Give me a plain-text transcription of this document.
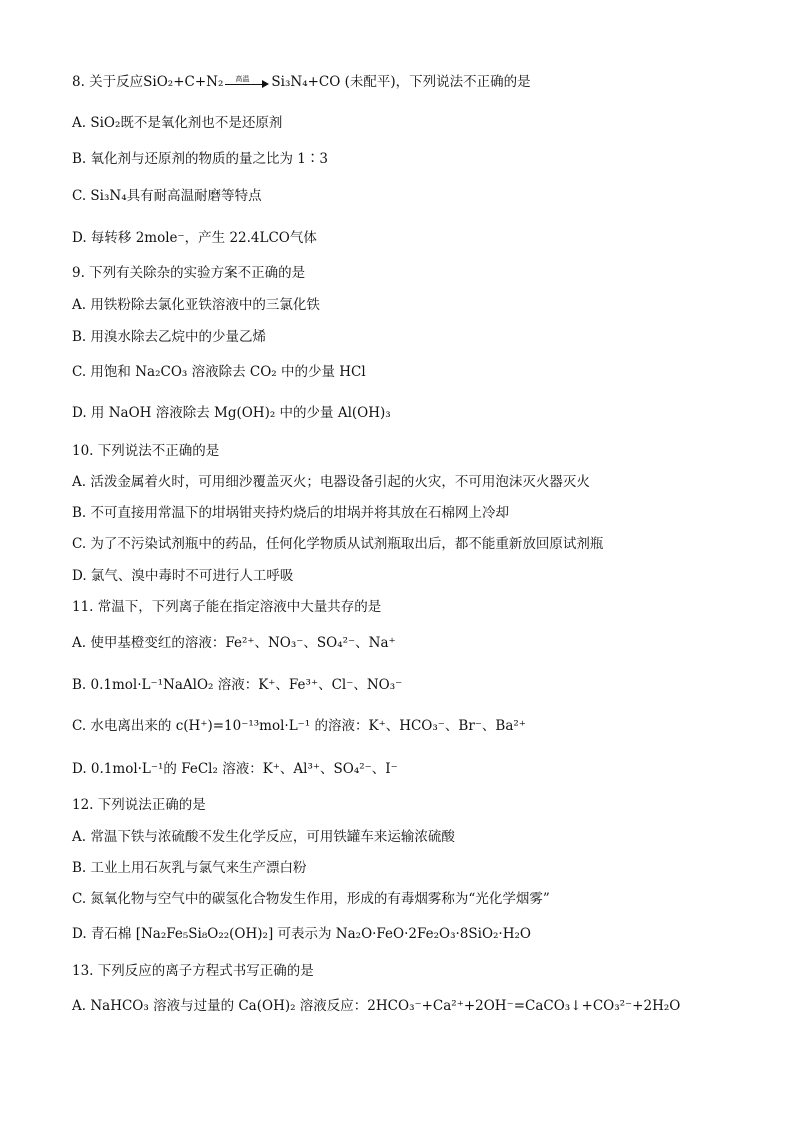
8. 关于反应SiO₂+C+N₂ 高温 Si₃N₄+CO (未配平)，下列说法不正确的是
A. SiO₂既不是氧化剂也不是还原剂
B. 氧化剂与还原剂的物质的量之比为 1∶3
C. Si₃N₄具有耐高温耐磨等特点
D. 每转移 2mole⁻，产生 22.4LCO气体
9. 下列有关除杂的实验方案不正确的是
A. 用铁粉除去氯化亚铁溶液中的三氯化铁
B. 用溴水除去乙烷中的少量乙烯
C. 用饱和 Na₂CO₃ 溶液除去 CO₂ 中的少量 HCl
D. 用 NaOH 溶液除去 Mg(OH)₂ 中的少量 Al(OH)₃
10. 下列说法不正确的是
A. 活泼金属着火时，可用细沙覆盖灭火；电器设备引起的火灾，不可用泡沫灭火器灭火
B. 不可直接用常温下的坩埚钳夹持灼烧后的坩埚并将其放在石棉网上冷却
C. 为了不污染试剂瓶中的药品，任何化学物质从试剂瓶取出后，都不能重新放回原试剂瓶
D. 氯气、溴中毒时不可进行人工呼吸
11. 常温下，下列离子能在指定溶液中大量共存的是
A. 使甲基橙变红的溶液：Fe²⁺、NO₃⁻、SO₄²⁻、Na⁺
B. 0.1mol·L⁻¹NaAlO₂ 溶液：K⁺、Fe³⁺、Cl⁻、NO₃⁻
C. 水电离出来的 c(H⁺)=10⁻¹³mol·L⁻¹ 的溶液：K⁺、HCO₃⁻、Br⁻、Ba²⁺
D. 0.1mol·L⁻¹的 FeCl₂ 溶液：K⁺、Al³⁺、SO₄²⁻、I⁻
12. 下列说法正确的是
A. 常温下铁与浓硫酸不发生化学反应，可用铁罐车来运输浓硫酸
B. 工业上用石灰乳与氯气来生产漂白粉
C. 氮氧化物与空气中的碳氢化合物发生作用，形成的有毒烟雾称为“光化学烟雾”
D. 青石棉 [Na₂Fe₅Si₈O₂₂(OH)₂] 可表示为 Na₂O·FeO·2Fe₂O₃·8SiO₂·H₂O
13. 下列反应的离子方程式书写正确的是
A. NaHCO₃ 溶液与过量的 Ca(OH)₂ 溶液反应：2HCO₃⁻+Ca²⁺+2OH⁻=CaCO₃↓+CO₃²⁻+2H₂O
